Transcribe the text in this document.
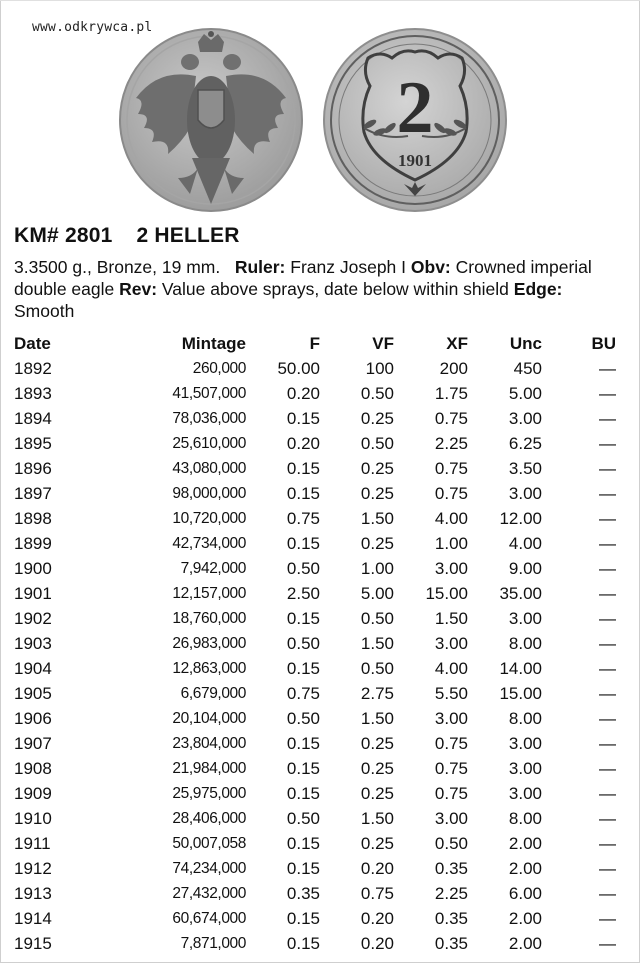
www.odkrywca.pl
2
1901
KM# 2801 2 HELLER
3.3500 g., Bronze, 19 mm. Ruler: Franz Joseph I Obv: Crowned imperial double eagle Rev: Value above sprays, date below within shield Edge: Smooth
Date	Mintage	F	VF	XF	Unc	BU
1892	260,000	50.00	100	200	450	—
1893	41,507,000	0.20	0.50	1.75	5.00	—
1894	78,036,000	0.15	0.25	0.75	3.00	—
1895	25,610,000	0.20	0.50	2.25	6.25	—
1896	43,080,000	0.15	0.25	0.75	3.50	—
1897	98,000,000	0.15	0.25	0.75	3.00	—
1898	10,720,000	0.75	1.50	4.00	12.00	—
1899	42,734,000	0.15	0.25	1.00	4.00	—
1900	7,942,000	0.50	1.00	3.00	9.00	—
1901	12,157,000	2.50	5.00	15.00	35.00	—
1902	18,760,000	0.15	0.50	1.50	3.00	—
1903	26,983,000	0.50	1.50	3.00	8.00	—
1904	12,863,000	0.15	0.50	4.00	14.00	—
1905	6,679,000	0.75	2.75	5.50	15.00	—
1906	20,104,000	0.50	1.50	3.00	8.00	—
1907	23,804,000	0.15	0.25	0.75	3.00	—
1908	21,984,000	0.15	0.25	0.75	3.00	—
1909	25,975,000	0.15	0.25	0.75	3.00	—
1910	28,406,000	0.50	1.50	3.00	8.00	—
1911	50,007,058	0.15	0.25	0.50	2.00	—
1912	74,234,000	0.15	0.20	0.35	2.00	—
1913	27,432,000	0.35	0.75	2.25	6.00	—
1914	60,674,000	0.15	0.20	0.35	2.00	—
1915	7,871,000	0.15	0.20	0.35	2.00	—
